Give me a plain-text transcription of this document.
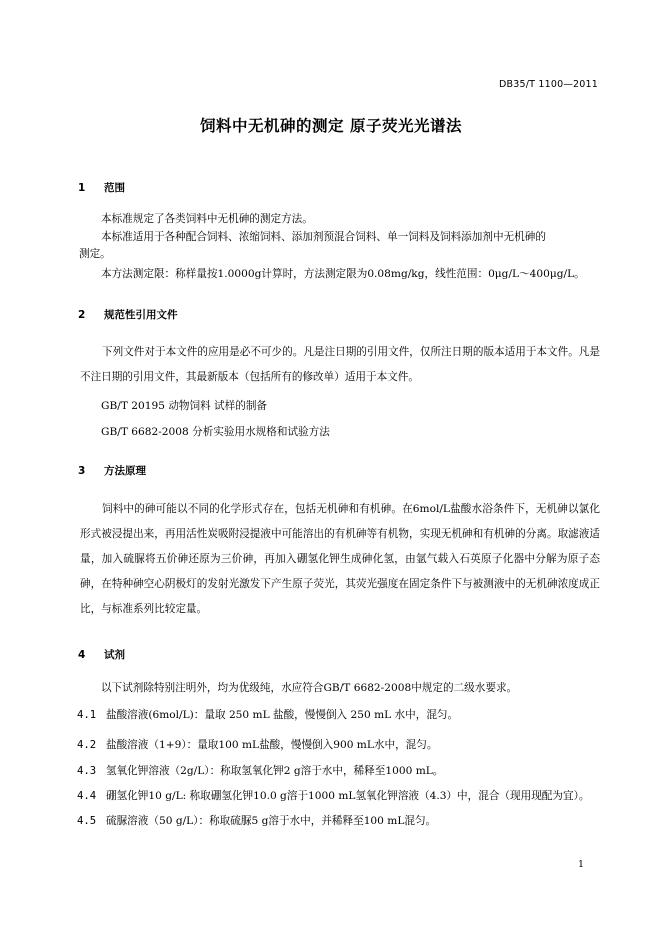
DB35/T 1100—2011
饲料中无机砷的测定 原子荧光光谱法
1 范围
本标准规定了各类饲料中无机砷的测定方法。
本标准适用于各种配合饲料、浓缩饲料、添加剂预混合饲料、单一饲料及饲料添加剂中无机砷的
测定。
本方法测定限：称样量按1.0000g计算时，方法测定限为0.08mg/kg，线性范围：0μg/L～400μg/L。
2 规范性引用文件
下列文件对于本文件的应用是必不可少的。凡是注日期的引用文件，仅所注日期的版本适用于本文件。凡是不注日期的引用文件，其最新版本（包括所有的修改单）适用于本文件。
GB/T 20195 动物饲料 试样的制备
GB/T 6682-2008 分析实验用水规格和试验方法
3 方法原理
饲料中的砷可能以不同的化学形式存在，包括无机砷和有机砷。在6mol/L盐酸水浴条件下，无机砷以氯化形式被浸提出来，再用活性炭吸附浸提液中可能溶出的有机砷等有机物，实现无机砷和有机砷的分离。取滤液适量，加入硫脲将五价砷还原为三价砷，再加入硼氢化钾生成砷化氢，由氩气载入石英原子化器中分解为原子态砷，在特种砷空心阴极灯的发射光激发下产生原子荧光，其荧光强度在固定条件下与被测液中的无机砷浓度成正比，与标准系列比较定量。
4 试剂
以下试剂除特别注明外，均为优级纯，水应符合GB/T 6682-2008中规定的二级水要求。
4.1 盐酸溶液(6mol/L)：量取 250 mL 盐酸，慢慢倒入 250 mL 水中，混匀。
4.2 盐酸溶液（1+9）：量取100 mL盐酸，慢慢倒入900 mL水中，混匀。
4.3 氢氧化钾溶液（2g/L）：称取氢氧化钾2 g溶于水中，稀释至1000 mL。
4.4 硼氢化钾10 g/L: 称取硼氢化钾10.0 g溶于1000 mL氢氧化钾溶液（4.3）中，混合（现用现配为宜）。
4.5 硫脲溶液（50 g/L）：称取硫脲5 g溶于水中，并稀释至100 mL混匀。
1
